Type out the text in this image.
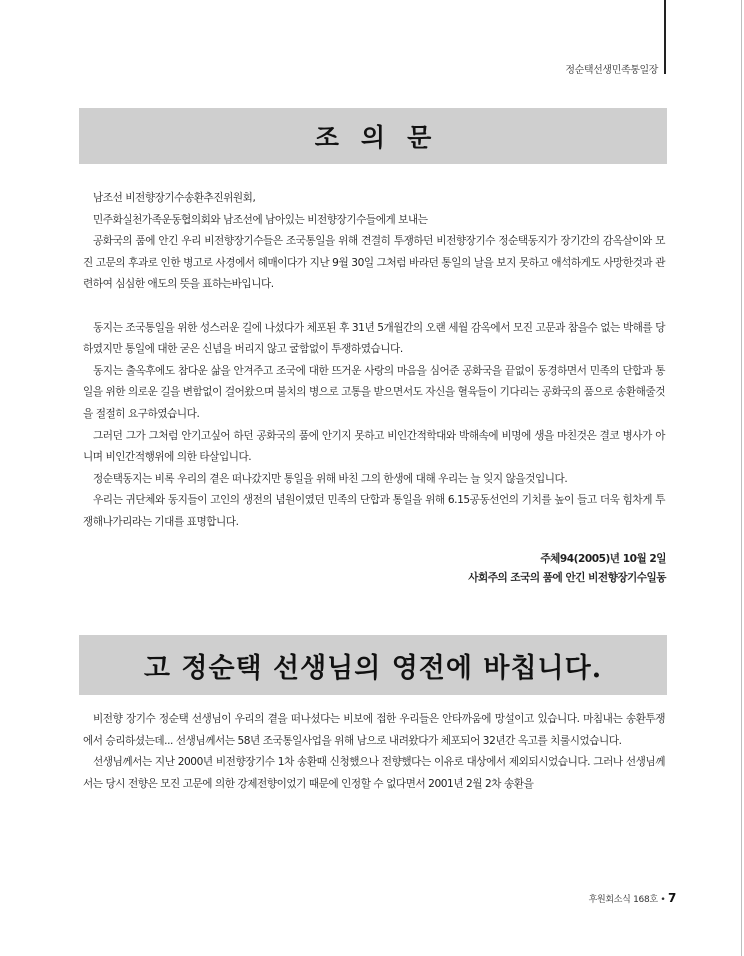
정순택선생민족통일장
조의문

남조선 비전향장기수송환추진위원회,

민주화실천가족운동협의회와 남조선에 남아있는 비전향장기수들에게 보내는

공화국의 품에 안긴 우리 비전향장기수들은 조국통일을 위해 견결히 투쟁하던 비전향장기수 정순택동지가 장기간의 감옥살이와 모진 고문의 후과로 인한 병고로 사경에서 헤매이다가 지난 9월 30일 그처럼 바라던 통일의 날을 보지 못하고 애석하게도 사망한것과 관련하여 심심한 애도의 뜻을 표하는바입니다.

동지는 조국통일을 위한 성스러운 길에 나섰다가 체포된 후 31년 5개월간의 오랜 세월 감옥에서 모진 고문과 참을수 없는 박해를 당하였지만 통일에 대한 굳은 신념을 버리지 않고 굴함없이 투쟁하였습니다.

동지는 출옥후에도 참다운 삶을 안겨주고 조국에 대한 뜨거운 사랑의 마음을 심어준 공화국을 끝없이 동경하면서 민족의 단합과 통일을 위한 의로운 길을 변함없이 걸어왔으며 불치의 병으로 고통을 받으면서도 자신을 혈육들이 기다리는 공화국의 품으로 송환해줄것을 절절히 요구하였습니다.

그러던 그가 그처럼 안기고싶어 하던 공화국의 품에 안기지 못하고 비인간적학대와 박해속에 비명에 생을 마친것은 결코 병사가 아니며 비인간적행위에 의한 타살입니다.

정순택동지는 비록 우리의 곁은 떠나갔지만 통일을 위해 바친 그의 한생에 대해 우리는 늘 잊지 않을것입니다.

우리는 귀단체와 동지들이 고인의 생전의 념원이였던 민족의 단합과 통일을 위해 6.15공동선언의 기치를 높이 들고 더욱 힘차게 투쟁해나가리라는 기대를 표명합니다.

주체94(2005)년 10월 2일
사회주의 조국의 품에 안긴 비전향장기수일동
고 정순택 선생님의 영전에 바칩니다.

비전향 장기수 정순택 선생님이 우리의 곁을 떠나셨다는 비보에 접한 우리들은 안타까움에 망설이고 있습니다. 마침내는 송환투쟁에서 승리하셨는데... 선생님께서는 58년 조국통일사업을 위해 남으로 내려왔다가 체포되어 32년간 옥고를 치룰시었습니다.

선생님께서는 지난 2000년 비전향장기수 1차 송환때 신청했으나 전향했다는 이유로 대상에서 제외되시었습니다. 그러나 선생님께서는 당시 전향은 모진 고문에 의한 강제전향이었기 때문에 인정할 수 없다면서 2001년 2월 2차 송환을

후원회소식 168호 • 7
